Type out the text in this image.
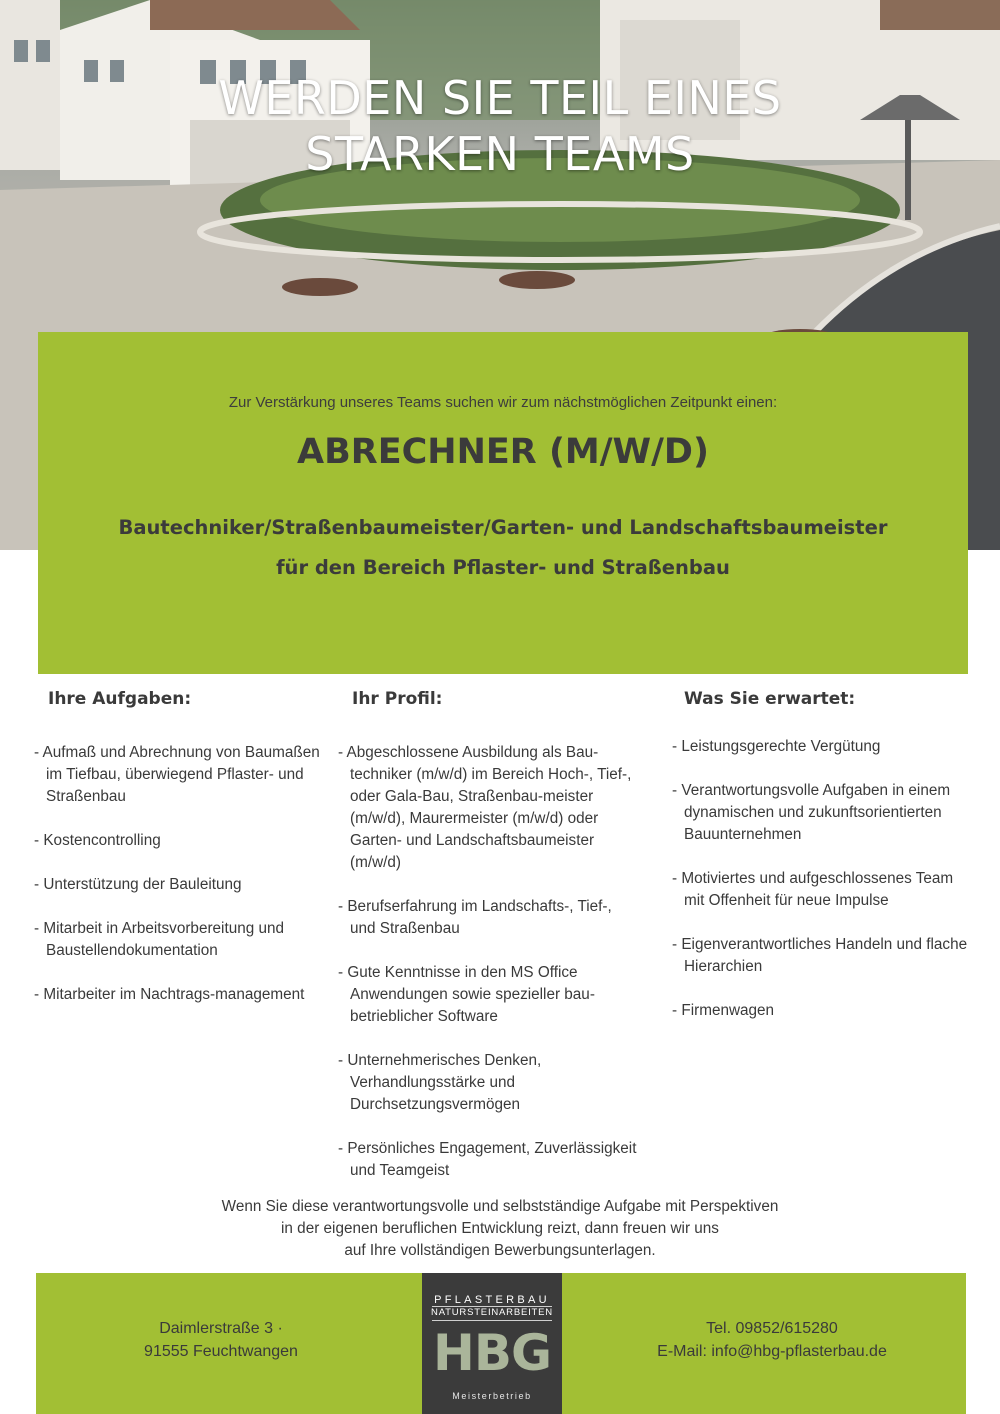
WERDEN SIE TEIL EINES
STARKEN TEAMS
Zur Verstärkung unseres Teams suchen wir zum nächstmöglichen Zeitpunkt einen:
ABRECHNER (M/W/D)
Bautechniker/Straßenbaumeister/Garten- und Landschaftsbaumeister
für den Bereich Pflaster- und Straßenbau
Ihre Aufgaben:
- Aufmaß und Abrechnung von Baumaßen im Tiefbau, überwiegend Pflaster- und Straßenbau
- Kostencontrolling
- Unterstützung der Bauleitung
- Mitarbeit in Arbeitsvorbereitung und Baustellendokumentation
- Mitarbeiter im Nachtrags-management
Ihr Profil:
- Abgeschlossene Ausbildung als Bau-techniker (m/w/d) im Bereich Hoch-, Tief-, oder Gala-Bau, Straßenbau-meister (m/w/d), Maurermeister (m/w/d) oder Garten- und Landschaftsbaumeister (m/w/d)
- Berufserfahrung im Landschafts-, Tief-, und Straßenbau
- Gute Kenntnisse in den MS Office Anwendungen sowie spezieller bau-betrieblicher Software
- Unternehmerisches Denken, Verhandlungsstärke und Durchsetzungsvermögen
- Persönliches Engagement, Zuverlässigkeit und Teamgeist
Was Sie erwartet:
- Leistungsgerechte Vergütung
- Verantwortungsvolle Aufgaben in einem dynamischen und zukunftsorientierten Bauunternehmen
- Motiviertes und aufgeschlossenes Team mit Offenheit für neue Impulse
- Eigenverantwortliches Handeln und flache Hierarchien
- Firmenwagen
Wenn Sie diese verantwortungsvolle und selbstständige Aufgabe mit Perspektiven
in der eigenen beruflichen Entwicklung reizt, dann freuen wir uns
auf Ihre vollständigen Bewerbungsunterlagen.
Daimlerstraße 3 ·
91555 Feuchtwangen
PFLASTERBAU
NATURSTEINARBEITEN
HBG
Meisterbetrieb
Tel. 09852/615280
E-Mail: info@hbg-pflasterbau.de
